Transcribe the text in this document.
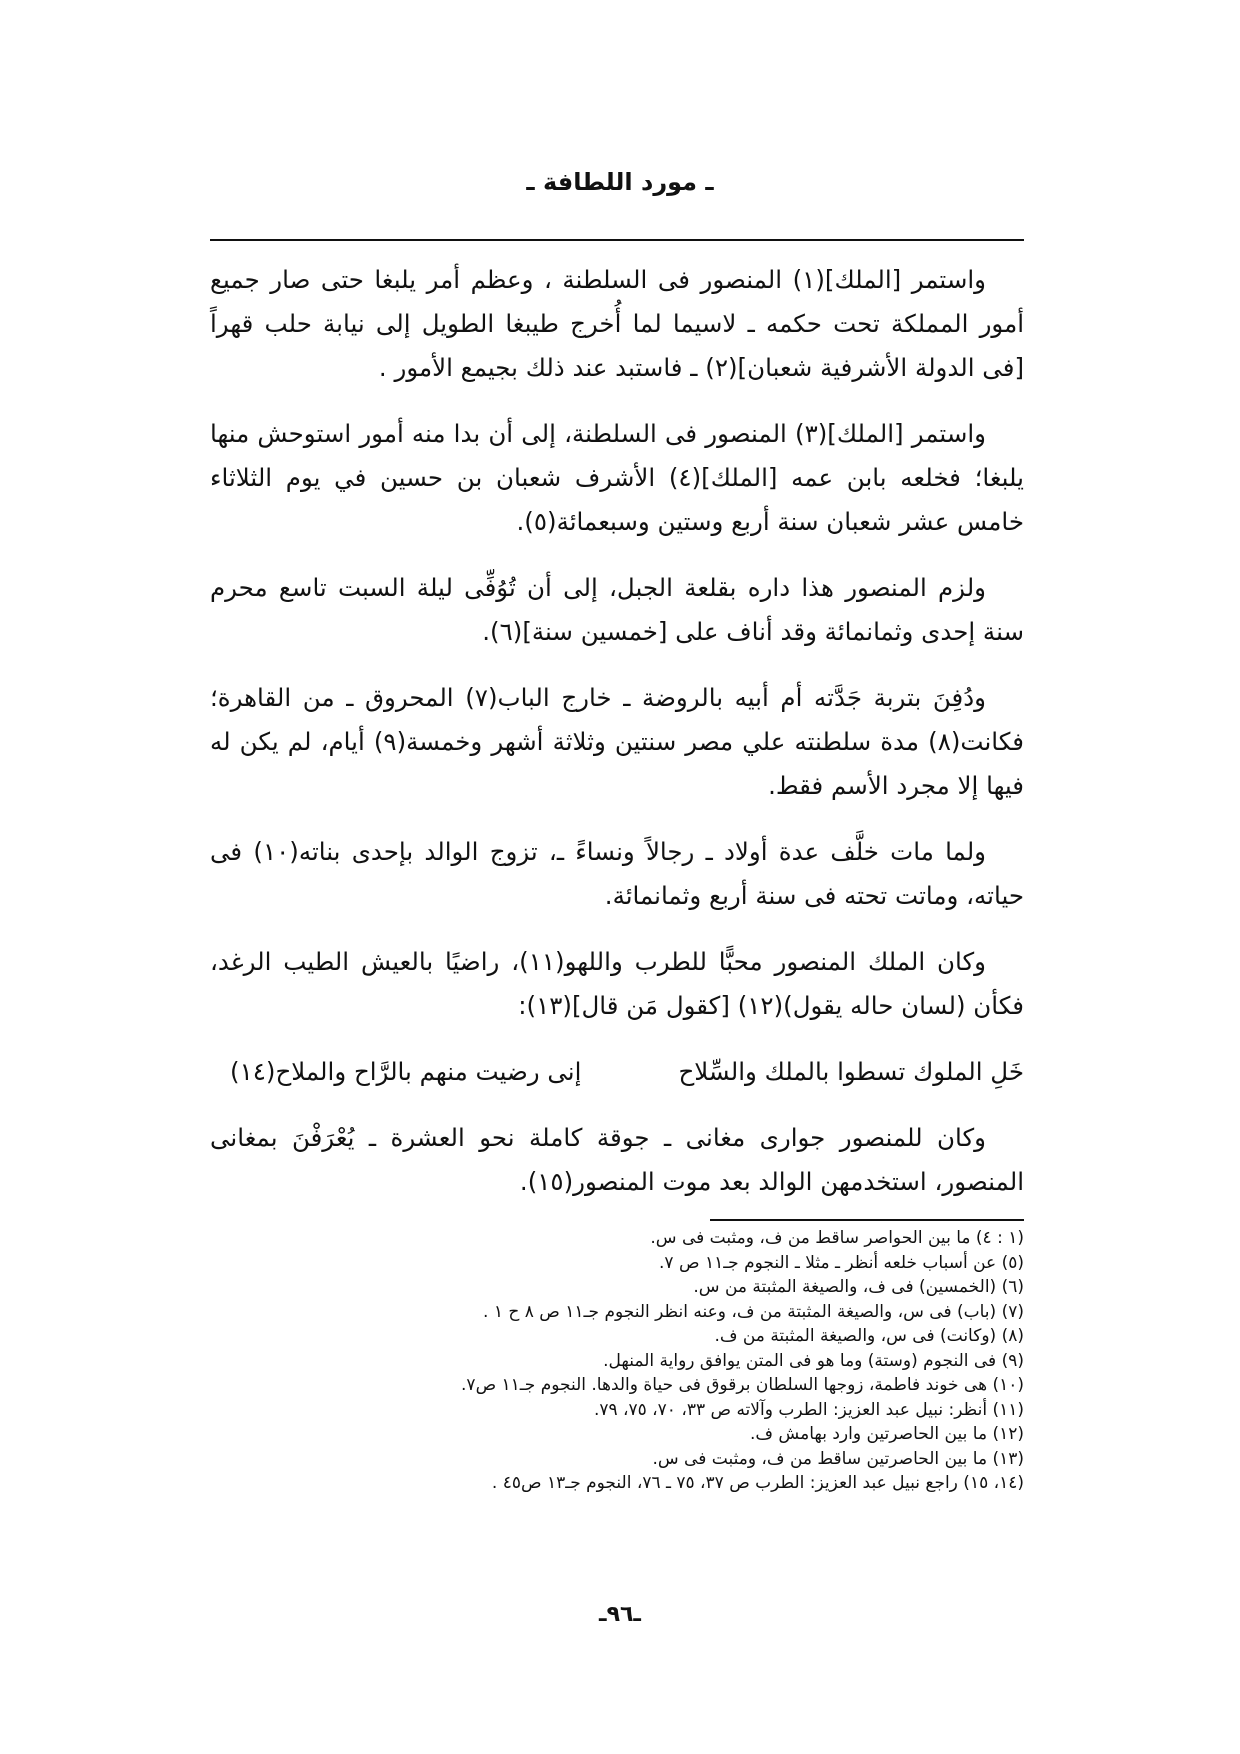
ـ مورد اللطافة ـ

واستمر [الملك](١) المنصور فى السلطنة ، وعظم أمر يلبغا حتى صار جميع أمور المملكة تحت حكمه ـ لاسيما لما أُخرج طيبغا الطويل إلى نيابة حلب قهراً [فى الدولة الأشرفية شعبان](٢) ـ فاستبد عند ذلك بجيمع الأمور .

واستمر [الملك](٣) المنصور فى السلطنة، إلى أن بدا منه أمور استوحش منها يلبغا؛ فخلعه بابن عمه [الملك](٤) الأشرف شعبان بن حسين في يوم الثلاثاء خامس عشر شعبان سنة أربع وستين وسبعمائة(٥).

ولزم المنصور هذا داره بقلعة الجبل، إلى أن تُوُفِّى ليلة السبت تاسع محرم سنة إحدى وثمانمائة وقد أناف على [خمسين سنة](٦).

ودُفِنَ بتربة جَدَّته أم أبيه بالروضة ـ خارج الباب(٧) المحروق ـ من القاهرة؛ فكانت(٨) مدة سلطنته علي مصر سنتين وثلاثة أشهر وخمسة(٩) أيام، لم يكن له فيها إلا مجرد الأسم فقط.

ولما مات خلَّف عدة أولاد ـ رجالاً ونساءً ـ، تزوج الوالد بإحدى بناته(١٠) فى حياته، وماتت تحته فى سنة أربع وثمانمائة.

وكان الملك المنصور محبًّا للطرب واللهو(١١)، راضيًا بالعيش الطيب الرغد، فكأن (لسان حاله يقول)(١٢) [كقول مَن قال](١٣):

خَلِ الملوك تسطوا بالملك والسِّلاح
إنى رضيت منهم بالرَّاح والملاح(١٤)

وكان للمنصور جوارى مغانى ـ جوقة كاملة نحو العشرة ـ يُعْرَفْنَ بمغانى المنصور، استخدمهن الوالد بعد موت المنصور(١٥).

(١ : ٤) ما بين الحواصر ساقط من ف، ومثبت فى س.
(٥) عن أسباب خلعه أنظر ـ مثلا ـ النجوم جـ١١ ص ٧.
(٦) (الخمسين) فى ف، والصيغة المثبتة من س.
(٧) (باب) فى س، والصيغة المثبتة من ف، وعنه انظر النجوم جـ١١ ص ٨ ح ١ .
(٨) (وكانت) فى س، والصيغة المثبتة من ف.
(٩) فى النجوم (وستة) وما هو فى المتن يوافق رواية المنهل.
(١٠) هى خوند فاطمة، زوجها السلطان برقوق فى حياة والدها. النجوم جـ١١ ص٧.
(١١) أنظر: نبيل عبد العزيز: الطرب وآلاته ص ٣٣، ٧٠، ٧٥، ٧٩.
(١٢) ما بين الحاصرتين وارد بهامش ف.
(١٣) ما بين الحاصرتين ساقط من ف، ومثبت فى س.
(١٤، ١٥) راجع نبيل عبد العزيز: الطرب ص ٣٧، ٧٥ ـ ٧٦، النجوم جـ١٣ ص٤٥ .
ـ٩٦ـ
